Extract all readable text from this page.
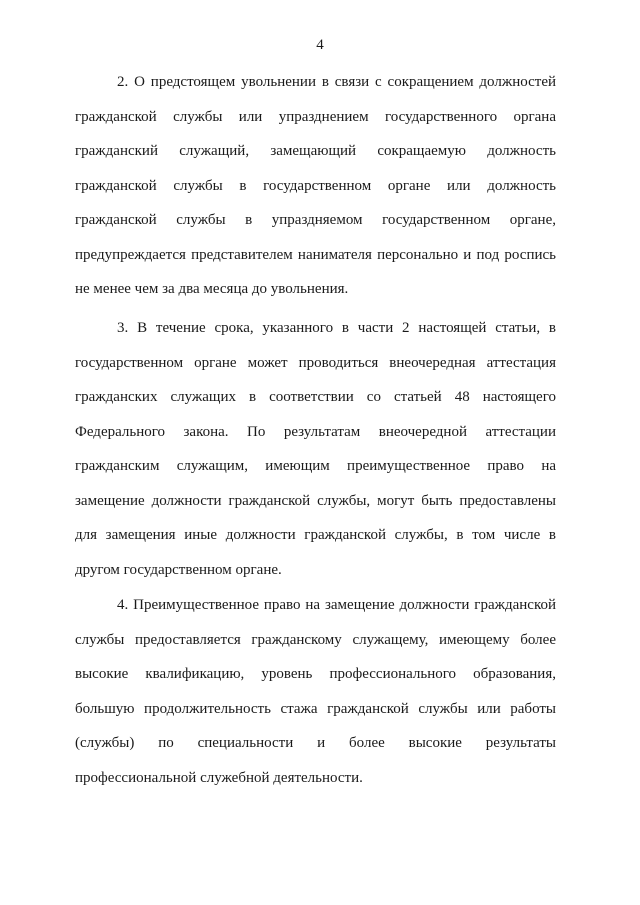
4
2. О предстоящем увольнении в связи с сокращением должностей
гражданской службы или упразднением государственного органа
гражданский служащий, замещающий сокращаемую должность
гражданской службы в государственном органе или должность
гражданской службы в упраздняемом государственном органе,
предупреждается представителем нанимателя персонально и под роспись
не менее чем за два месяца до увольнения.
3. В течение срока, указанного в части 2 настоящей статьи, в
государственном органе может проводиться внеочередная аттестация
гражданских служащих в соответствии со статьей 48 настоящего
Федерального закона. По результатам внеочередной аттестации
гражданским служащим, имеющим преимущественное право на
замещение должности гражданской службы, могут быть предоставлены
для замещения иные должности гражданской службы, в том числе в
другом государственном органе.
4. Преимущественное право на замещение должности гражданской
службы предоставляется гражданскому служащему, имеющему более
высокие квалификацию, уровень профессионального образования,
большую продолжительность стажа гражданской службы или работы
(службы) по специальности и более высокие результаты
профессиональной служебной деятельности.
